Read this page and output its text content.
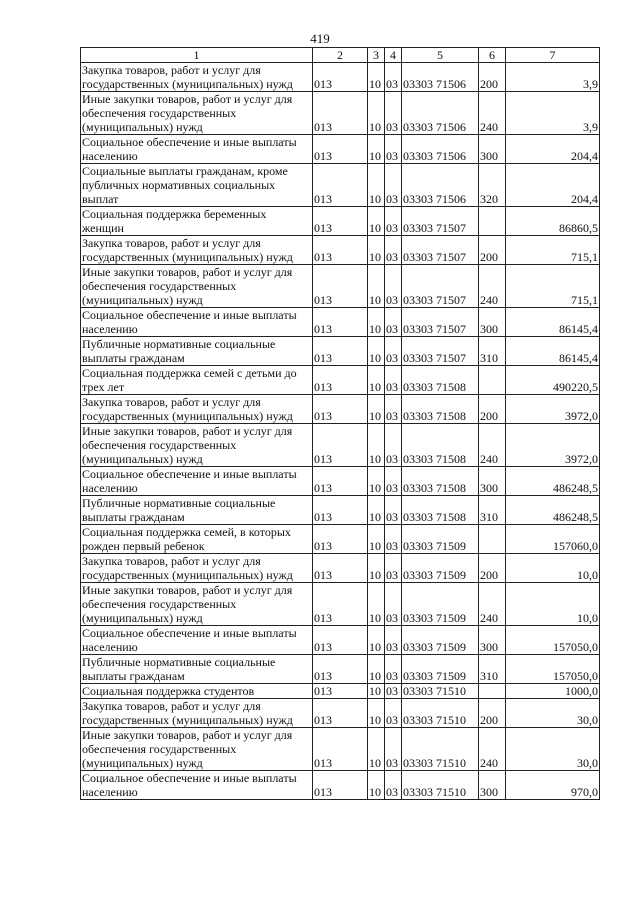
419
1	2	3	4	5	6	7
Закупка товаров, работ и услуг для государственных (муниципальных) нужд	013	10	03	03303 71506	200	3,9
Иные закупки товаров, работ и услуг для обеспечения государственных (муниципальных) нужд	013	10	03	03303 71506	240	3,9
Социальное обеспечение и иные выплаты населению	013	10	03	03303 71506	300	204,4
Социальные выплаты гражданам, кроме публичных нормативных социальных выплат	013	10	03	03303 71506	320	204,4
Социальная поддержка беременных женщин	013	10	03	03303 71507		86860,5
Закупка товаров, работ и услуг для государственных (муниципальных) нужд	013	10	03	03303 71507	200	715,1
Иные закупки товаров, работ и услуг для обеспечения государственных (муниципальных) нужд	013	10	03	03303 71507	240	715,1
Социальное обеспечение и иные выплаты населению	013	10	03	03303 71507	300	86145,4
Публичные нормативные социальные выплаты гражданам	013	10	03	03303 71507	310	86145,4
Социальная поддержка семей с детьми до трех лет	013	10	03	03303 71508		490220,5
Закупка товаров, работ и услуг для государственных (муниципальных) нужд	013	10	03	03303 71508	200	3972,0
Иные закупки товаров, работ и услуг для обеспечения государственных (муниципальных) нужд	013	10	03	03303 71508	240	3972,0
Социальное обеспечение и иные выплаты населению	013	10	03	03303 71508	300	486248,5
Публичные нормативные социальные выплаты гражданам	013	10	03	03303 71508	310	486248,5
Социальная поддержка семей, в которых рожден первый ребенок	013	10	03	03303 71509		157060,0
Закупка товаров, работ и услуг для государственных (муниципальных) нужд	013	10	03	03303 71509	200	10,0
Иные закупки товаров, работ и услуг для обеспечения государственных (муниципальных) нужд	013	10	03	03303 71509	240	10,0
Социальное обеспечение и иные выплаты населению	013	10	03	03303 71509	300	157050,0
Публичные нормативные социальные выплаты гражданам	013	10	03	03303 71509	310	157050,0
Социальная поддержка студентов	013	10	03	03303 71510		1000,0
Закупка товаров, работ и услуг для государственных (муниципальных) нужд	013	10	03	03303 71510	200	30,0
Иные закупки товаров, работ и услуг для обеспечения государственных (муниципальных) нужд	013	10	03	03303 71510	240	30,0
Социальное обеспечение и иные выплаты населению	013	10	03	03303 71510	300	970,0
